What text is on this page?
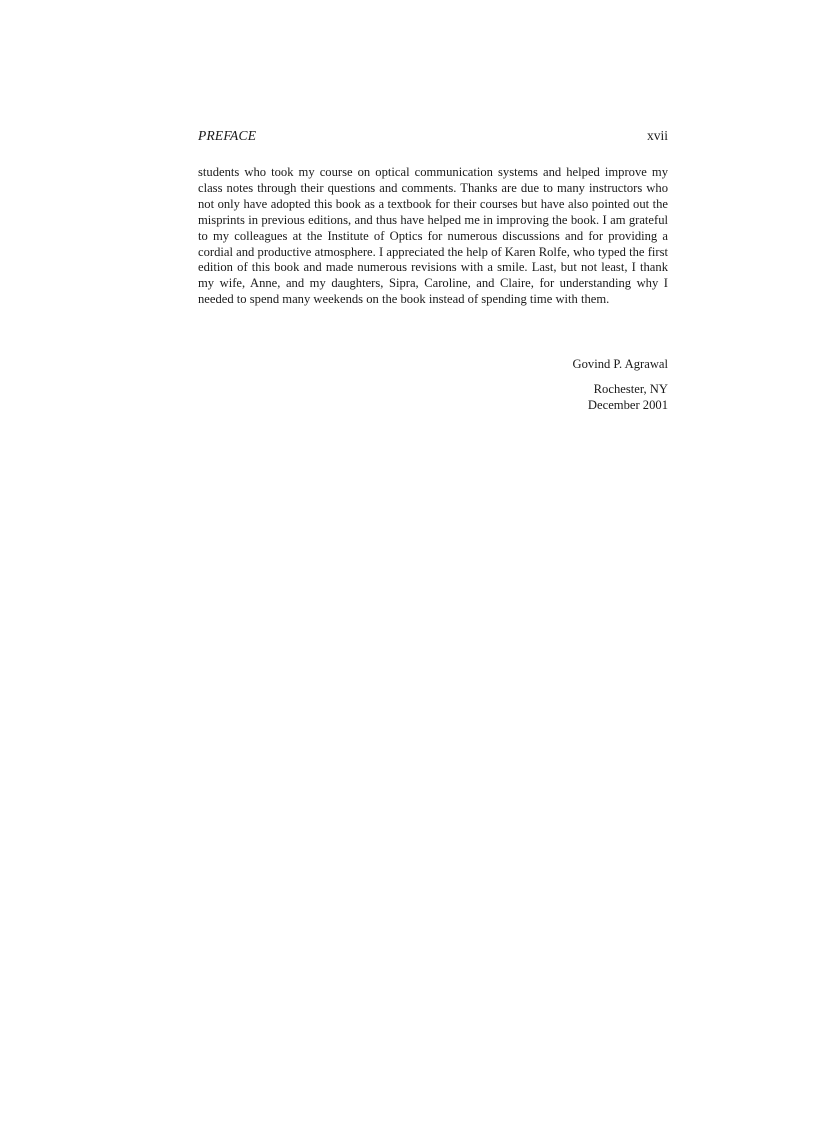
PREFACE	xvii

students who took my course on optical communication systems and helped improve my class notes through their questions and comments. Thanks are due to many instructors who not only have adopted this book as a textbook for their courses but have also pointed out the misprints in previous editions, and thus have helped me in improving the book. I am grateful to my colleagues at the Institute of Optics for numerous discussions and for providing a cordial and productive atmosphere. I appreciated the help of Karen Rolfe, who typed the first edition of this book and made numerous revisions with a smile. Last, but not least, I thank my wife, Anne, and my daughters, Sipra, Caroline, and Claire, for understanding why I needed to spend many weekends on the book instead of spending time with them.

Govind P. Agrawal
Rochester, NY
December 2001
